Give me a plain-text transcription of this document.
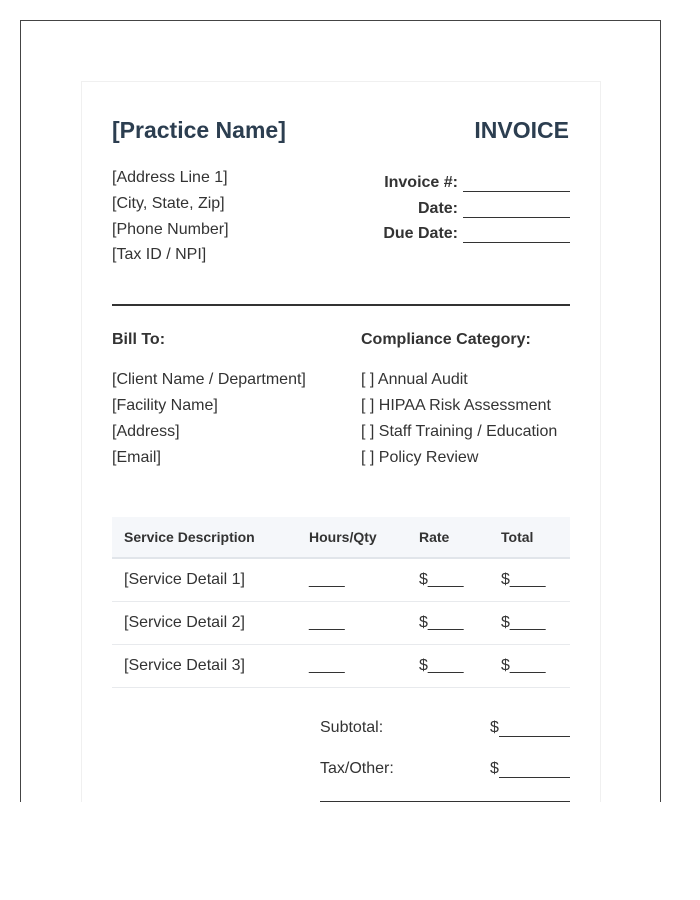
[Practice Name]	INVOICE
[Address Line 1]
[City, State, Zip]
[Phone Number]
[Tax ID / NPI]
Invoice #:
Date:
Due Date:
Bill To:	Compliance Category:
[Client Name / Department]
[Facility Name]
[Address]
[Email]
[ ] Annual Audit
[ ] HIPAA Risk Assessment
[ ] Staff Training / Education
[ ] Policy Review
Service Description	Hours/Qty	Rate	Total
[Service Detail 1]	____	$____	$____
[Service Detail 2]	____	$____	$____
[Service Detail 3]	____	$____	$____
Subtotal:	$
Tax/Other:	$
